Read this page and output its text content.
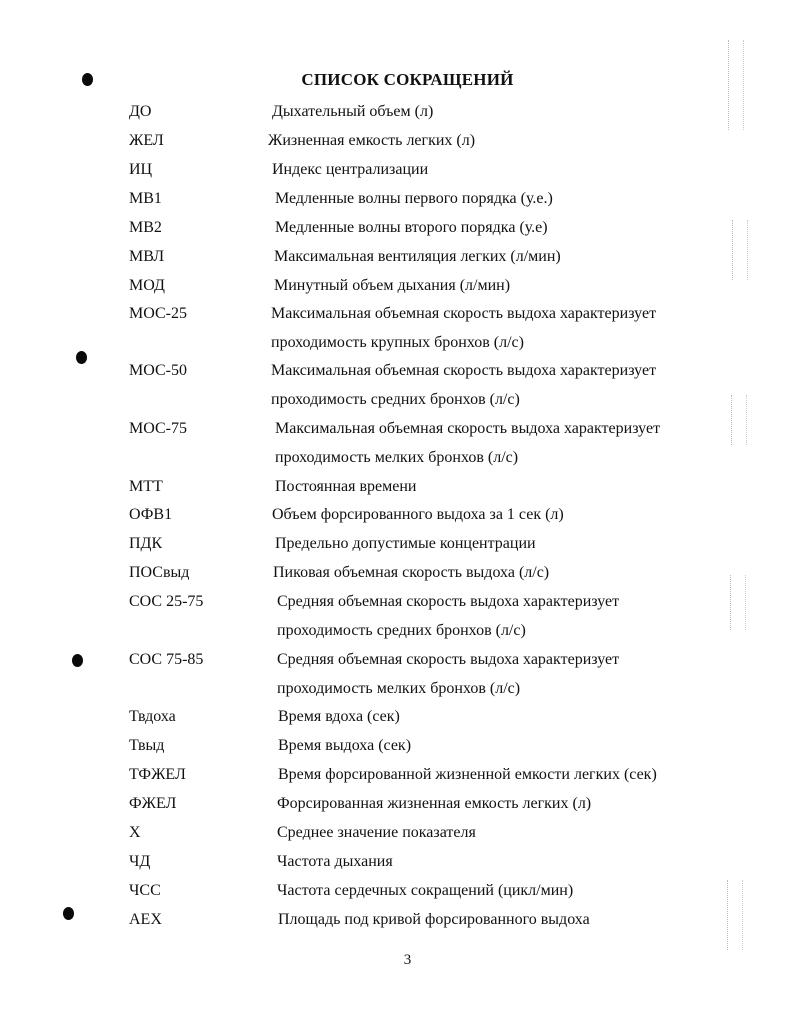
СПИСОК СОКРАЩЕНИЙ
ДО	Дыхательный объем (л)
ЖЕЛ	Жизненная емкость легких (л)
ИЦ	Индекс централизации
МВ1	Медленные волны первого порядка (у.е.)
МВ2	Медленные волны второго порядка (у.е)
МВЛ	Максимальная вентиляция легких (л/мин)
МОД	Минутный объем дыхания (л/мин)
МОС-25	Максимальная объемная скорость выдоха характеризует
проходимость крупных бронхов (л/с)
МОС-50	Максимальная объемная скорость выдоха характеризует
проходимость средних бронхов (л/с)
МОС-75	Максимальная объемная скорость выдоха характеризует
проходимость мелких бронхов (л/с)
МТТ	Постоянная времени
ОФВ1	Объем форсированного выдоха за 1 сек (л)
ПДК	Предельно допустимые концентрации
ПОСвыд	Пиковая объемная скорость выдоха (л/с)
СОС 25-75	Средняя объемная скорость выдоха характеризует
проходимость средних бронхов (л/с)
СОС 75-85	Средняя объемная скорость выдоха характеризует
проходимость мелких бронхов (л/с)
Твдоха	Время вдоха (сек)
Твыд	Время выдоха (сек)
ТФЖЕЛ	Время форсированной жизненной емкости легких (сек)
ФЖЕЛ	Форсированная жизненная емкость легких (л)
Х	Среднее значение показателя
ЧД	Частота дыхания
ЧСС	Частота сердечных сокращений (цикл/мин)
AEX	Площадь под кривой форсированного выдоха
3
